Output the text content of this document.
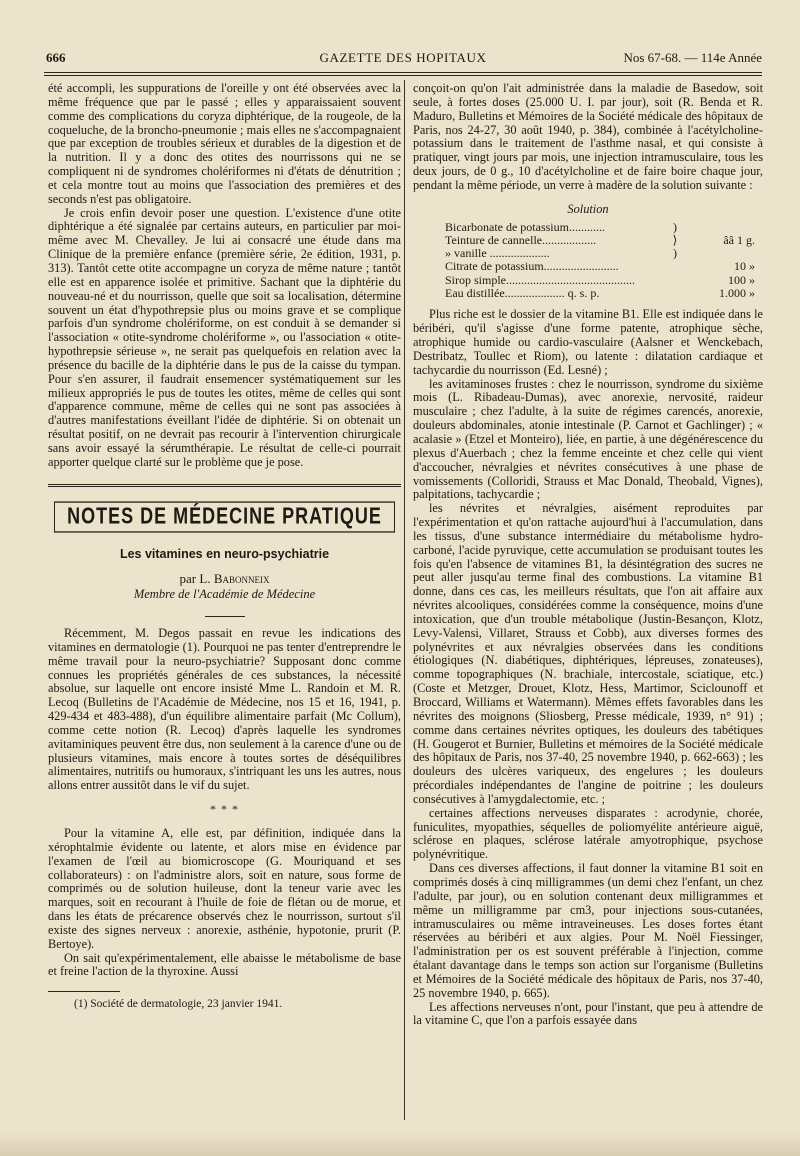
666	GAZETTE DES HOPITAUX	Nos 67-68. — 114e Année

été accompli, les suppurations de l'oreille y ont été observées avec la même fréquence que par le passé ; elles y apparaissaient souvent comme des complications du coryza diphtérique, de la rougeole, de la coqueluche, de la broncho-pneumonie ; mais elles ne s'accompagnaient que par exception de troubles sérieux et durables de la digestion et de la nutrition. Il y a donc des otites des nourrissons qui ne se compliquent ni de syndromes cholériformes ni d'états de dénutrition ; et cela montre tout au moins que l'association des premières et des seconds n'est pas obligatoire.

Je crois enfin devoir poser une question. L'existence d'une otite diphtérique a été signalée par certains auteurs, en particulier par moi-même avec M. Chevalley. Je lui ai consacré une étude dans ma Clinique de la première enfance (première série, 2e édition, 1931, p. 313). Tantôt cette otite accompagne un coryza de même nature ; tantôt elle est en apparence isolée et primitive. Sachant que la diphtérie du nouveau-né et du nourrisson, quelle que soit sa localisation, détermine souvent un état d'hypothrepsie plus ou moins grave et se complique parfois d'un syndrome cholériforme, on est conduit à se demander si l'association « otite-syndrome cholériforme », ou l'association « otite-hypothrepsie sérieuse », ne serait pas quelquefois en relation avec la présence du bacille de la diphtérie dans le pus de la caisse du tympan. Pour s'en assurer, il faudrait ensemencer systématiquement sur les milieux appropriés le pus de toutes les otites, même de celles qui sont d'apparence commune, même de celles qui ne sont pas associées à d'autres manifestations éveillant l'idée de diphtérie. Si on obtenait un résultat positif, on ne devrait pas recourir à l'intervention chirurgicale sans avoir essayé la sérumthérapie. Le résultat de celle-ci pourrait apporter quelque clarté sur le problème que je pose.

NOTES DE MÉDECINE PRATIQUE
Les vitamines en neuro-psychiatrie
par L. Babonneix
Membre de l'Académie de Médecine

Récemment, M. Degos passait en revue les indications des vitamines en dermatologie (1). Pourquoi ne pas tenter d'entreprendre le même travail pour la neuro-psychiatrie? Supposant donc comme connues les propriétés générales de ces substances, la nécessité absolue, sur laquelle ont encore insisté Mme L. Randoin et M. R. Lecoq (Bulletins de l'Académie de Médecine, nos 15 et 16, 1941, p. 429-434 et 483-488), d'un équilibre alimentaire parfait (Mc Collum), comme cette notion (R. Lecoq) d'après laquelle les syndromes avitaminiques peuvent être dus, non seulement à la carence d'une ou de plusieurs vitamines, mais encore à toutes sortes de déséquilibres alimentaires, nutritifs ou humoraux, s'intriquant les uns les autres, nous allons entrer aussitôt dans le vif du sujet.

* * *

Pour la vitamine A, elle est, par définition, indiquée dans la xérophtalmie évidente ou latente, et alors mise en évidence par l'examen de l'œil au biomicroscope (G. Mouriquand et ses collaborateurs) : on l'administre alors, soit en nature, sous forme de comprimés ou de solution huileuse, dont la teneur varie avec les marques, soit en recourant à l'huile de foie de flétan ou de morue, et dans les états de précarence observés chez le nourrisson, surtout s'il existe des signes nerveux : anorexie, asthénie, hypotonie, prurit (P. Bertoye).

On sait qu'expérimentalement, elle abaisse le métabolisme de base et freine l'action de la thyroxine. Aussi

(1) Société de dermatologie, 23 janvier 1941.

conçoit-on qu'on l'ait administrée dans la maladie de Basedow, soit seule, à fortes doses (25.000 U. I. par jour), soit (R. Benda et R. Maduro, Bulletins et Mémoires de la Société médicale des hôpitaux de Paris, nos 24-27, 30 août 1940, p. 384), combinée à l'acétylcholine-potassium dans le traitement de l'asthme nasal, et qui consiste à pratiquer, vingt jours par mois, une injection intramusculaire, tous les deux jours, de 0 g., 10 d'acétylcholine et de faire boire chaque jour, pendant la même période, un verre à madère de la solution suivante :

Solution
Bicarbonate de potassium............	)	
Teinture de cannelle..................	⟩	ââ 1 g.
» vanille ....................	)	
Citrate de potassium.........................		10 »
Sirop simple...........................................		100 »
Eau distillée.................... q. s. p.		1.000 »

Plus riche est le dossier de la vitamine B1. Elle est indiquée dans le béribéri, qu'il s'agisse d'une forme patente, atrophique sèche, atrophique humide ou cardio-vasculaire (Aalsner et Wenckebach, Destribatz, Toullec et Riom), ou latente : dilatation cardiaque et tachycardie du nourrisson (Ed. Lesné) ;

les avitaminoses frustes : chez le nourrisson, syndrome du sixième mois (L. Ribadeau-Dumas), avec anorexie, nervosité, raideur musculaire ; chez l'adulte, à la suite de régimes carencés, anorexie, douleurs abdominales, atonie intestinale (P. Carnot et Gachlinger) ; « acalasie » (Etzel et Monteiro), liée, en partie, à une dégénérescence du plexus d'Auerbach ; chez la femme enceinte et chez celle qui vient d'accoucher, névralgies et névrites consécutives à une phase de vomissements (Colloridi, Strauss et Mac Donald, Theobald, Vignes), palpitations, tachycardie ;

les névrites et névralgies, aisément reproduites par l'expérimentation et qu'on rattache aujourd'hui à l'accumulation, dans les tissus, d'une substance intermédiaire du métabolisme hydro-carboné, l'acide pyruvique, cette accumulation se produisant toutes les fois qu'en l'absence de vitamines B1, la désintégration des sucres ne peut aller jusqu'au terme final des combustions. La vitamine B1 donne, dans ces cas, les meilleurs résultats, que l'on ait affaire aux névrites alcooliques, considérées comme la conséquence, moins d'une intoxication, que d'un trouble métabolique (Justin-Besançon, Klotz, Levy-Valensi, Villaret, Strauss et Cobb), aux diverses formes des polynévrites et aux névralgies observées dans les conditions étiologiques (N. diabétiques, diphtériques, lépreuses, zonateuses), comme topographiques (N. brachiale, intercostale, sciatique, etc.) (Coste et Metzger, Drouet, Klotz, Hess, Martimor, Sciclounoff et Broccard, Williams et Watermann). Mêmes effets favorables dans les névrites des moignons (Sliosberg, Presse médicale, 1939, n° 91) ; comme dans certaines névrites optiques, les douleurs des tabétiques (H. Gougerot et Burnier, Bulletins et mémoires de la Société médicale des hôpitaux de Paris, nos 37-40, 25 novembre 1940, p. 662-663) ; les douleurs des ulcères variqueux, des engelures ; les douleurs précordiales indépendantes de l'angine de poitrine ; les douleurs consécutives à l'amygdalectomie, etc. ;

certaines affections nerveuses disparates : acrodynie, chorée, funiculites, myopathies, séquelles de poliomyélite antérieure aiguë, sclérose en plaques, sclérose latérale amyotrophique, psychose polynévritique.

Dans ces diverses affections, il faut donner la vitamine B1 soit en comprimés dosés à cinq milligrammes (un demi chez l'enfant, un chez l'adulte, par jour), ou en solution contenant deux milligrammes et même un milligramme par cm3, pour injections sous-cutanées, intramusculaires ou même intraveineuses. Les doses fortes étant réservées au béribéri et aux algies. Pour M. Noël Fiessinger, l'administration per os est souvent préférable à l'injection, comme étalant davantage dans le temps son action sur l'organisme (Bulletins et Mémoires de la Société médicale des hôpitaux de Paris, nos 37-40, 25 novembre 1940, p. 665).

Les affections nerveuses n'ont, pour l'instant, que peu à attendre de la vitamine C, que l'on a parfois essayée dans
